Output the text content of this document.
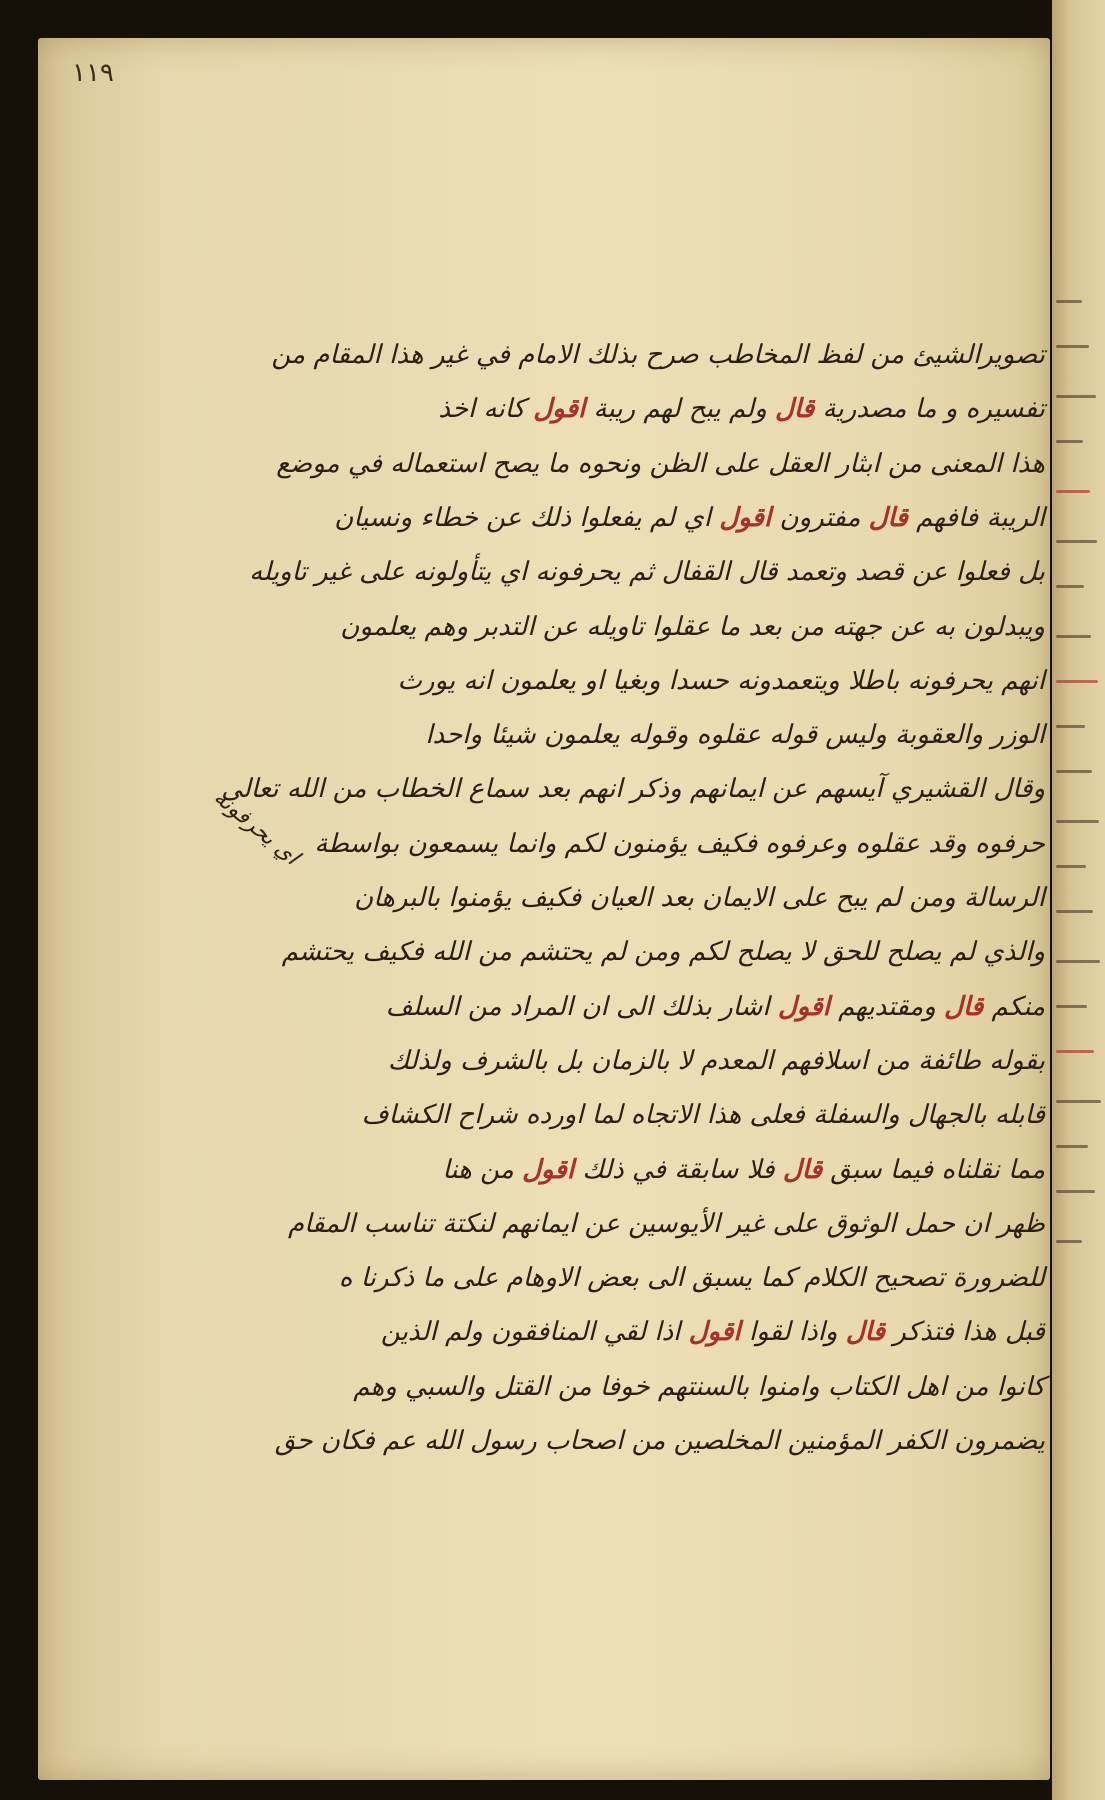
١١٩
اي يحرفونه
تصويرالشيئ من لفظ المخاطب صرح بذلك الامام في غير هذا المقام من
تفسيره و ما مصدرية قال ولم يبح لهم ريبة اقول كانه اخذ
هذا المعنى من ابثار العقل على الظن ونحوه ما يصح استعماله في موضع
الريبة فافهم قال مفترون اقول اي لم يفعلوا ذلك عن خطاء ونسيان
بل فعلوا عن قصد وتعمد قال القفال ثم يحرفونه اي يتأولونه على غير تاويله
ويبدلون به عن جهته من بعد ما عقلوا تاويله عن التدبر وهم يعلمون
انهم يحرفونه باطلا ويتعمدونه حسدا وبغيا او يعلمون انه يورث
الوزر والعقوبة وليس قوله عقلوه وقوله يعلمون شيئا واحدا
وقال القشيري آيسهم عن ايمانهم وذكر انهم بعد سماع الخطاب من الله تعالى
حرفوه وقد عقلوه وعرفوه فكيف يؤمنون لكم وانما يسمعون بواسطة
الرسالة ومن لم يبح على الايمان بعد العيان فكيف يؤمنوا بالبرهان
والذي لم يصلح للحق لا يصلح لكم ومن لم يحتشم من الله فكيف يحتشم
منكم قال ومقتديهم اقول اشار بذلك الى ان المراد من السلف
بقوله طائفة من اسلافهم المعدم لا بالزمان بل بالشرف ولذلك
قابله بالجهال والسفلة فعلى هذا الاتجاه لما اورده شراح الكشاف
مما نقلناه فيما سبق قال فلا سابقة في ذلك اقول من هنا
ظهر ان حمل الوثوق على غير الأيوسين عن ايمانهم لنكتة تناسب المقام
للضرورة تصحيح الكلام كما يسبق الى بعض الاوهام على ما ذكرنا ه
قبل هذا فتذكر قال واذا لقوا اقول اذا لقي المنافقون ولم الذين
كانوا من اهل الكتاب وامنوا بالسنتهم خوفا من القتل والسبي وهم
يضمرون الكفر المؤمنين المخلصين من اصحاب رسول الله عم فكان حق
